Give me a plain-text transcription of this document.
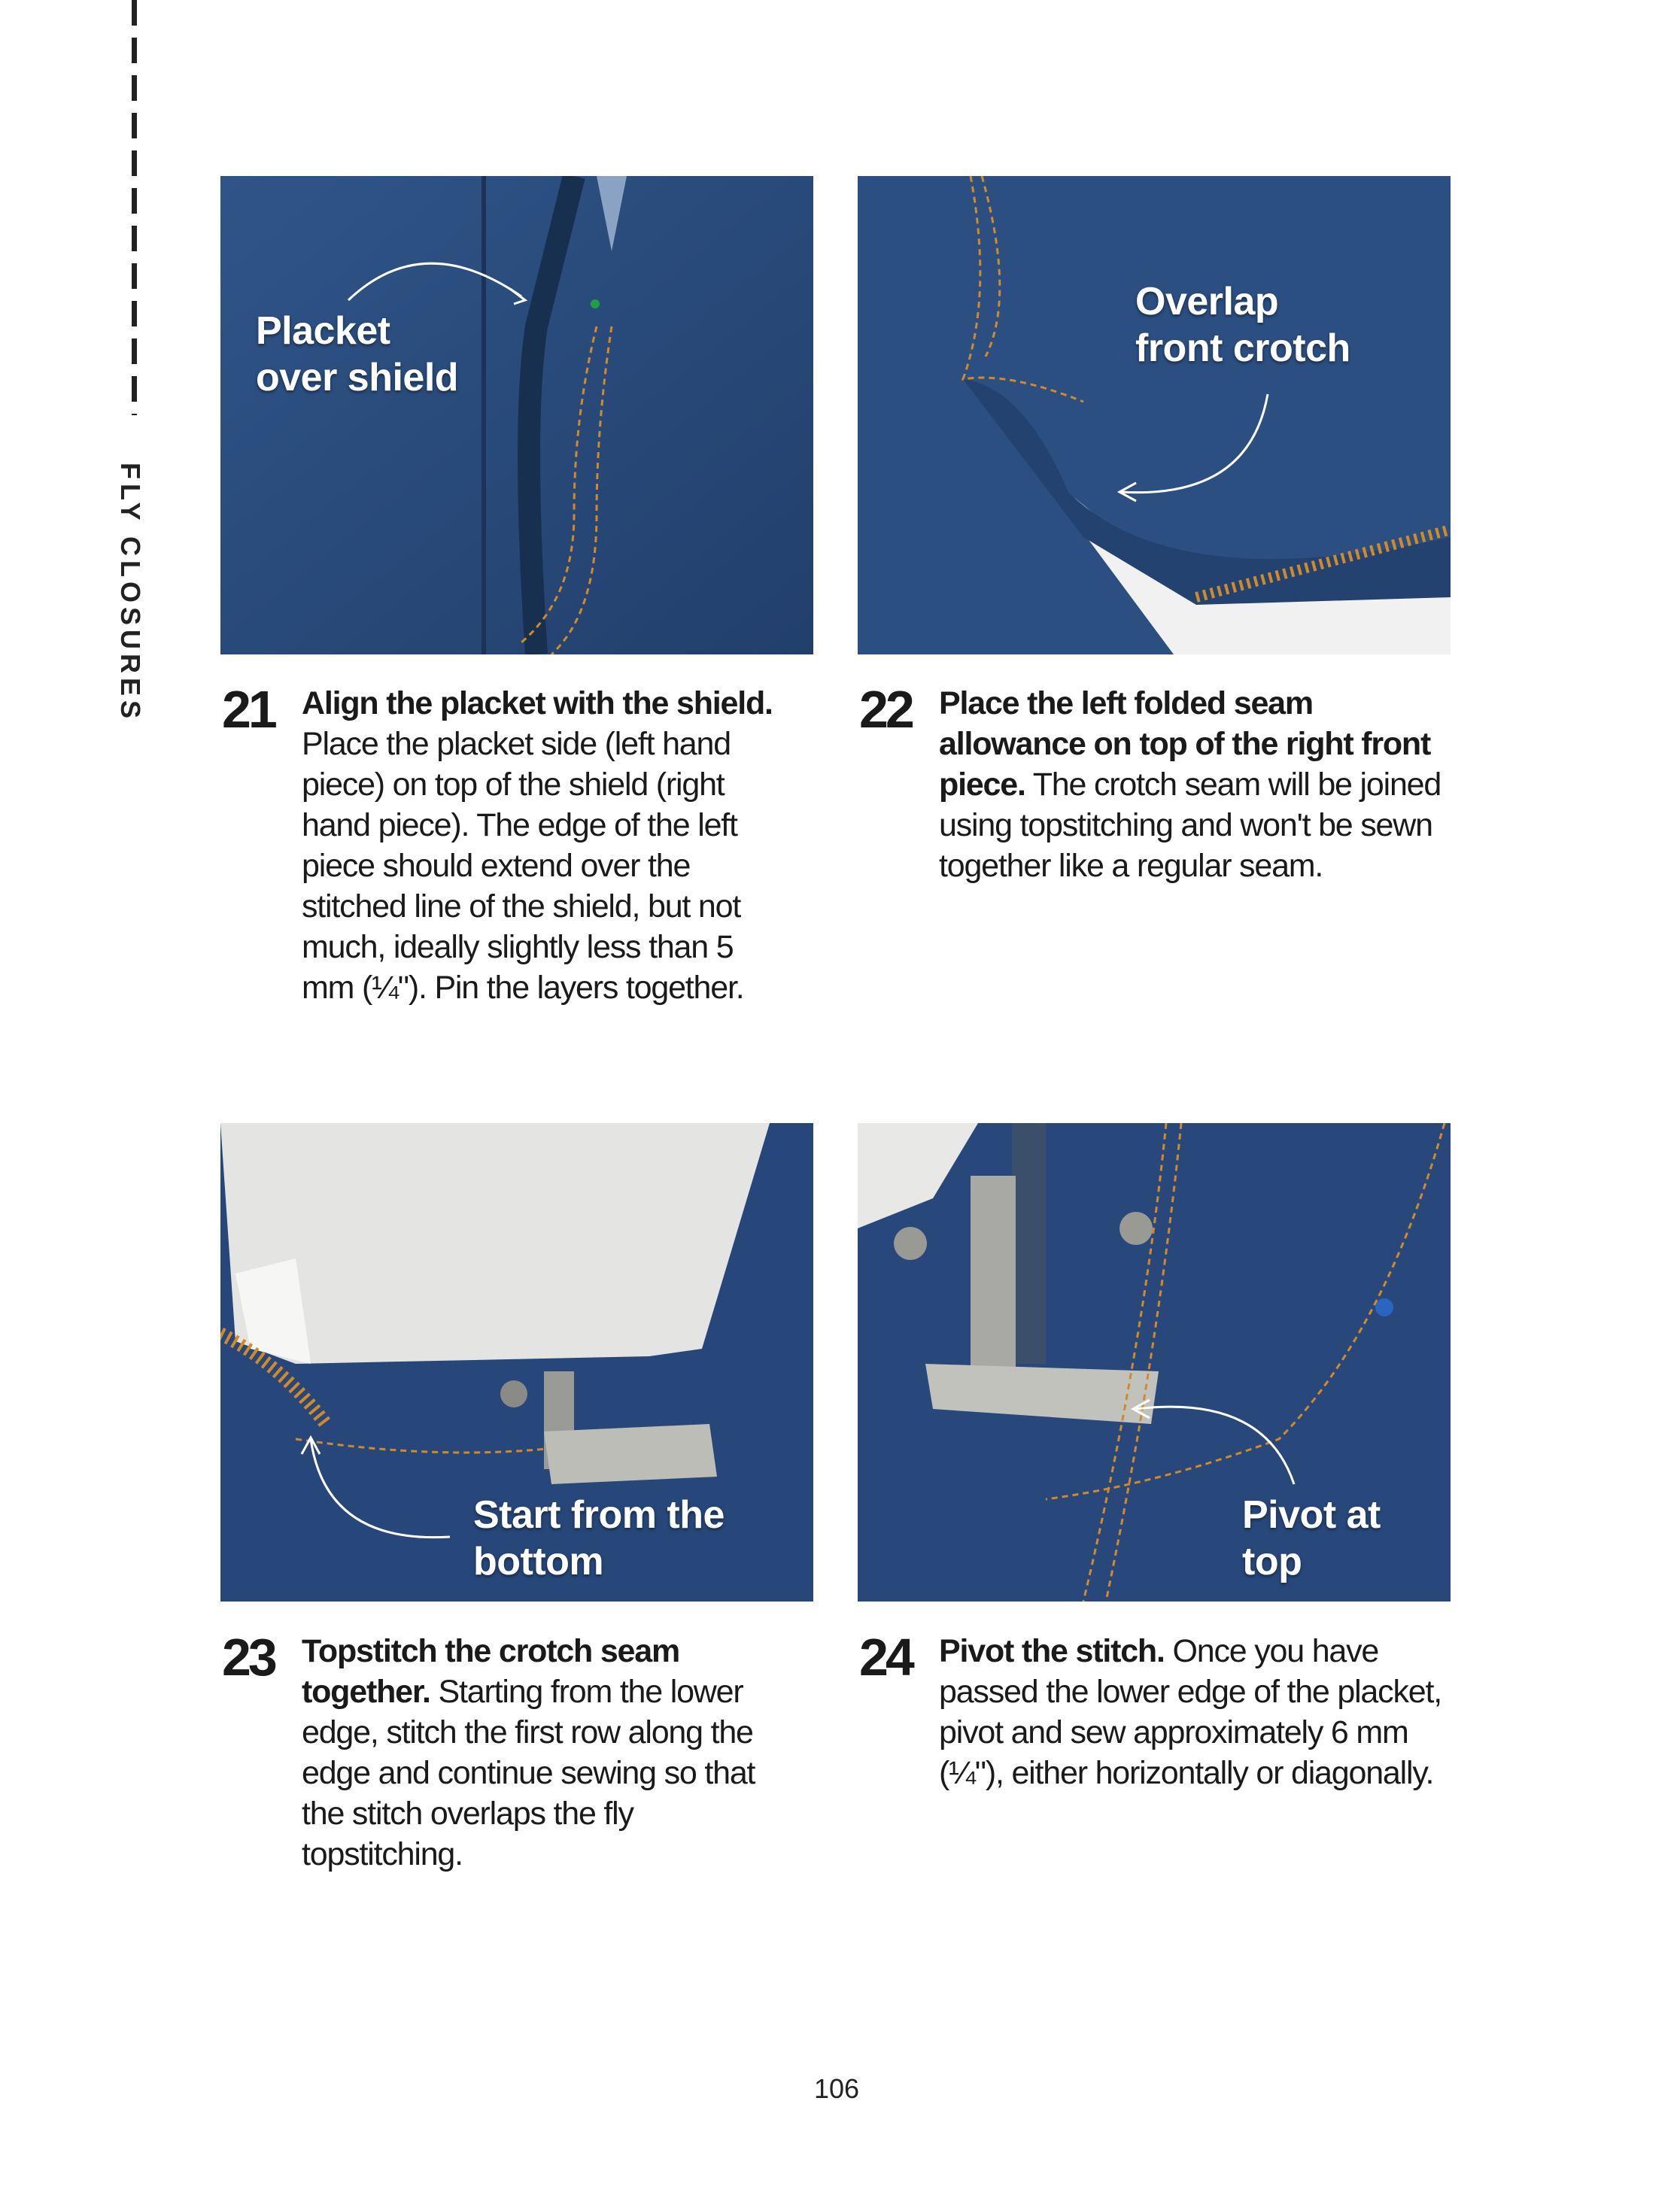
FLY CLOSURES
Placket
over shield
Overlap
front crotch
Start from the
bottom
Pivot at
top
21 Align the placket with the shield. Place the placket side (left hand piece) on top of the shield (right hand piece). The edge of the left piece should extend over the stitched line of the shield, but not much, ideally slightly less than 5 mm (¼"). Pin the layers together.
22 Place the left folded seam allowance on top of the right front piece. The crotch seam will be joined using topstitching and won't be sewn together like a regular seam.
23 Topstitch the crotch seam together. Starting from the lower edge, stitch the first row along the edge and continue sewing so that the stitch overlaps the fly topstitching.
24 Pivot the stitch. Once you have passed the lower edge of the placket, pivot and sew approximately 6 mm (¼"), either horizontally or diagonally.
106
